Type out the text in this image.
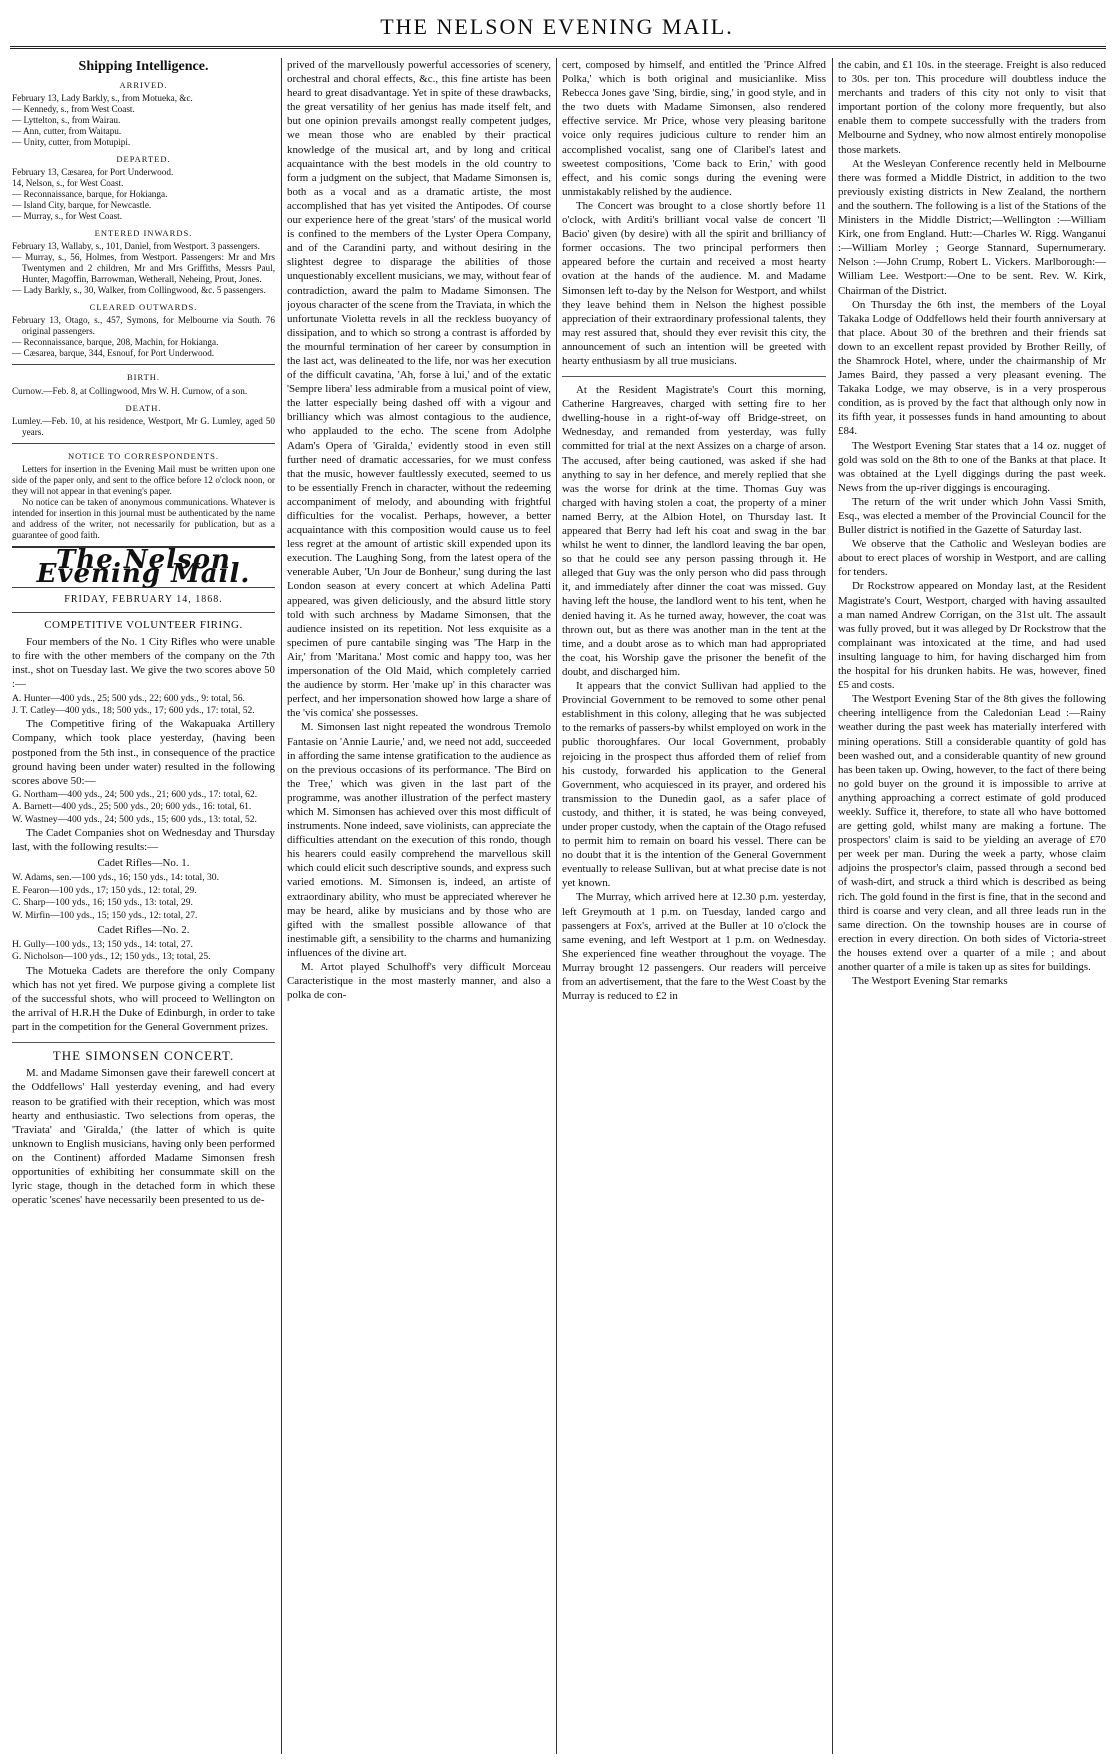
THE NELSON EVENING MAIL.
Shipping Intelligence.
ARRIVED.
February 13, Lady Barkly, s., from Motueka, &c.
— Kennedy, s., from West Coast.
— Lyttelton, s., from Wairau.
— Ann, cutter, from Waitapu.
— Unity, cutter, from Motupipi.
DEPARTED.
February 13, Cæsarea, for Port Underwood.
14, Nelson, s., for West Coast.
— Reconnaissance, barque, for Hokianga.
— Island City, barque, for Newcastle.
— Murray, s., for West Coast.
ENTERED INWARDS.
February 13, Wallaby, s., 101, Daniel, from Westport. 3 passengers.
— Murray, s., 56, Holmes, from Westport. Passengers: Mr and Mrs Twentymen and 2 children, Mr and Mrs Griffiths, Messrs Paul, Hunter, Magoffin, Barrowman, Wetherall, Neheing, Prout, Jones.
— Lady Barkly, s., 30, Walker, from Collingwood, &c. 5 passengers.
CLEARED OUTWARDS.
February 13, Otago, s., 457, Symons, for Melbourne via South. 76 original passengers.
— Reconnaissance, barque, 208, Machin, for Hokianga.
— Cæsarea, barque, 344, Esnouf, for Port Underwood.
BIRTH.
Curnow.—Feb. 8, at Collingwood, Mrs W. H. Curnow, of a son.
DEATH.
Lumley.—Feb. 10, at his residence, Westport, Mr G. Lumley, aged 50 years.
NOTICE TO CORRESPONDENTS.
Letters for insertion in the Evening Mail must be written upon one side of the paper only, and sent to the office before 12 o'clock noon, or they will not appear in that evening's paper.
No notice can be taken of anonymous communications. Whatever is intended for insertion in this journal must be authenticated by the name and address of the writer, not necessarily for publication, but as a guarantee of good faith.
The Nelson Evening Mail.
FRIDAY, FEBRUARY 14, 1868.
COMPETITIVE VOLUNTEER FIRING.

Four members of the No. 1 City Rifles who were unable to fire with the other members of the company on the 7th inst., shot on Tuesday last. We give the two scores above 50 :—

A. Hunter—400 yds., 25; 500 yds., 22; 600 yds., 9: total, 56.
J. T. Catley—400 yds., 18; 500 yds., 17; 600 yds., 17: total, 52.

The Competitive firing of the Wakapuaka Artillery Company, which took place yesterday, (having been postponed from the 5th inst., in consequence of the practice ground having been under water) resulted in the following scores above 50:—

G. Northam—400 yds., 24; 500 yds., 21; 600 yds., 17: total, 62.
A. Barnett—400 yds., 25; 500 yds., 20; 600 yds., 16: total, 61.
W. Wastney—400 yds., 24; 500 yds., 15; 600 yds., 13: total, 52.

The Cadet Companies shot on Wednesday and Thursday last, with the following results:—

Cadet Rifles—No. 1.
W. Adams, sen.—100 yds., 16; 150 yds., 14: total, 30.
E. Fearon—100 yds., 17; 150 yds., 12: total, 29.
C. Sharp—100 yds., 16; 150 yds., 13: total, 29.
W. Mirfin—100 yds., 15; 150 yds., 12: total, 27.
Cadet Rifles—No. 2.
H. Gully—100 yds., 13; 150 yds., 14: total, 27.
G. Nicholson—100 yds., 12; 150 yds., 13; total, 25.

The Motueka Cadets are therefore the only Company which has not yet fired. We purpose giving a complete list of the successful shots, who will proceed to Wellington on the arrival of H.R.H the Duke of Edinburgh, in order to take part in the competition for the General Government prizes.

THE SIMONSEN CONCERT.

M. and Madame Simonsen gave their farewell concert at the Oddfellows' Hall yesterday evening, and had every reason to be gratified with their reception, which was most hearty and enthusiastic. Two selections from operas, the 'Traviata' and 'Giralda,' (the latter of which is quite unknown to English musicians, having only been performed on the Continent) afforded Madame Simonsen fresh opportunities of exhibiting her consummate skill on the lyric stage, though in the detached form in which these operatic 'scenes' have necessarily been presented to us de-

prived of the marvellously powerful accessories of scenery, orchestral and choral effects, &c., this fine artiste has been heard to great disadvantage. Yet in spite of these drawbacks, the great versatility of her genius has made itself felt, and but one opinion prevails amongst really competent judges, we mean those who are enabled by their practical knowledge of the musical art, and by long and critical acquaintance with the best models in the old country to form a judgment on the subject, that Madame Simonsen is, both as a vocal and as a dramatic artiste, the most accomplished that has yet visited the Antipodes. Of course our experience here of the great 'stars' of the musical world is confined to the members of the Lyster Opera Company, and of the Carandini party, and without desiring in the slightest degree to disparage the abilities of those unquestionably excellent musicians, we may, without fear of contradiction, award the palm to Madame Simonsen. The joyous character of the scene from the Traviata, in which the unfortunate Violetta revels in all the reckless buoyancy of dissipation, and to which so strong a contrast is afforded by the mournful termination of her career by consumption in the last act, was delineated to the life, nor was her execution of the difficult cavatina, 'Ah, forse à lui,' and of the extatic 'Sempre libera' less admirable from a musical point of view, the latter especially being dashed off with a vigour and brilliancy which was almost contagious to the audience, who applauded to the echo. The scene from Adolphe Adam's Opera of 'Giralda,' evidently stood in even still further need of dramatic accessaries, for we must confess that the music, however faultlessly executed, seemed to us to be essentially French in character, without the redeeming accompaniment of melody, and abounding with frightful difficulties for the vocalist. Perhaps, however, a better acquaintance with this composition would cause us to feel less regret at the amount of artistic skill expended upon its execution. The Laughing Song, from the latest opera of the venerable Auber, 'Un Jour de Bonheur,' sung during the last London season at every concert at which Adelina Patti appeared, was given deliciously, and the absurd little story told with such archness by Madame Simonsen, that the audience insisted on its repetition. Not less exquisite as a specimen of pure cantabile singing was 'The Harp in the Air,' from 'Maritana.' Most comic and happy too, was her impersonation of the Old Maid, which completely carried the audience by storm. Her 'make up' in this character was perfect, and her impersonation showed how large a share of the 'vis comica' she possesses.

M. Simonsen last night repeated the wondrous Tremolo Fantasie on 'Annie Laurie,' and, we need not add, succeeded in affording the same intense gratification to the audience as on the previous occasions of its performance. 'The Bird on the Tree,' which was given in the last part of the programme, was another illustration of the perfect mastery which M. Simonsen has achieved over this most difficult of instruments. None indeed, save violinists, can appreciate the difficulties attendant on the execution of this rondo, though his hearers could easily comprehend the marvellous skill which could elicit such descriptive sounds, and express such varied emotions. M. Simonsen is, indeed, an artiste of extraordinary ability, who must be appreciated wherever he may be heard, alike by musicians and by those who are gifted with the smallest possible allowance of that inestimable gift, a sensibility to the charms and humanizing influences of the divine art.

M. Artot played Schulhoff's very difficult Morceau Caracteristique in the most masterly manner, and also a polka de con-

cert, composed by himself, and entitled the 'Prince Alfred Polka,' which is both original and musicianlike. Miss Rebecca Jones gave 'Sing, birdie, sing,' in good style, and in the two duets with Madame Simonsen, also rendered effective service. Mr Price, whose very pleasing baritone voice only requires judicious culture to render him an accomplished vocalist, sang one of Claribel's latest and sweetest compositions, 'Come back to Erin,' with good effect, and his comic songs during the evening were unmistakably relished by the audience.

The Concert was brought to a close shortly before 11 o'clock, with Arditi's brilliant vocal valse de concert 'Il Bacio' given (by desire) with all the spirit and brilliancy of former occasions. The two principal performers then appeared before the curtain and received a most hearty ovation at the hands of the audience. M. and Madame Simonsen left to-day by the Nelson for Westport, and whilst they leave behind them in Nelson the highest possible appreciation of their extraordinary professional talents, they may rest assured that, should they ever revisit this city, the announcement of such an intention will be greeted with hearty enthusiasm by all true musicians.

At the Resident Magistrate's Court this morning, Catherine Hargreaves, charged with setting fire to her dwelling-house in a right-of-way off Bridge-street, on Wednesday, and remanded from yesterday, was fully committed for trial at the next Assizes on a charge of arson. The accused, after being cautioned, was asked if she had anything to say in her defence, and merely replied that she was the worse for drink at the time. Thomas Guy was charged with having stolen a coat, the property of a miner named Berry, at the Albion Hotel, on Thursday last. It appeared that Berry had left his coat and swag in the bar whilst he went to dinner, the landlord leaving the bar open, so that he could see any person passing through it. He alleged that Guy was the only person who did pass through it, and immediately after dinner the coat was missed. Guy having left the house, the landlord went to his tent, when he denied having it. As he turned away, however, the coat was thrown out, but as there was another man in the tent at the time, and a doubt arose as to which man had appropriated the coat, his Worship gave the prisoner the benefit of the doubt, and discharged him.

It appears that the convict Sullivan had applied to the Provincial Government to be removed to some other penal establishment in this colony, alleging that he was subjected to the remarks of passers-by whilst employed on work in the public thoroughfares. Our local Government, probably rejoicing in the prospect thus afforded them of relief from his custody, forwarded his application to the General Government, who acquiesced in its prayer, and ordered his transmission to the Dunedin gaol, as a safer place of custody, and thither, it is stated, he was being conveyed, under proper custody, when the captain of the Otago refused to permit him to remain on board his vessel. There can be no doubt that it is the intention of the General Government eventually to release Sullivan, but at what precise date is not yet known.

The Murray, which arrived here at 12.30 p.m. yesterday, left Greymouth at 1 p.m. on Tuesday, landed cargo and passengers at Fox's, arrived at the Buller at 10 o'clock the same evening, and left Westport at 1 p.m. on Wednesday. She experienced fine weather throughout the voyage. The Murray brought 12 passengers. Our readers will perceive from an advertisement, that the fare to the West Coast by the Murray is reduced to £2 in

the cabin, and £1 10s. in the steerage. Freight is also reduced to 30s. per ton. This procedure will doubtless induce the merchants and traders of this city not only to visit that important portion of the colony more frequently, but also enable them to compete successfully with the traders from Melbourne and Sydney, who now almost entirely monopolise those markets.

At the Wesleyan Conference recently held in Melbourne there was formed a Middle District, in addition to the two previously existing districts in New Zealand, the northern and the southern. The following is a list of the Stations of the Ministers in the Middle District;—Wellington :—William Kirk, one from England. Hutt:—Charles W. Rigg. Wanganui :—William Morley ; George Stannard, Supernumerary. Nelson :—John Crump, Robert L. Vickers. Marlborough:—William Lee. Westport:—One to be sent. Rev. W. Kirk, Chairman of the District.

On Thursday the 6th inst, the members of the Loyal Takaka Lodge of Oddfellows held their fourth anniversary at that place. About 30 of the brethren and their friends sat down to an excellent repast provided by Brother Reilly, of the Shamrock Hotel, where, under the chairmanship of Mr James Baird, they passed a very pleasant evening. The Takaka Lodge, we may observe, is in a very prosperous condition, as is proved by the fact that although only now in its fifth year, it possesses funds in hand amounting to about £84.

The Westport Evening Star states that a 14 oz. nugget of gold was sold on the 8th to one of the Banks at that place. It was obtained at the Lyell diggings during the past week. News from the up-river diggings is encouraging.

The return of the writ under which John Vassi Smith, Esq., was elected a member of the Provincial Council for the Buller district is notified in the Gazette of Saturday last.

We observe that the Catholic and Wesleyan bodies are about to erect places of worship in Westport, and are calling for tenders.

Dr Rockstrow appeared on Monday last, at the Resident Magistrate's Court, Westport, charged with having assaulted a man named Andrew Corrigan, on the 31st ult. The assault was fully proved, but it was alleged by Dr Rockstrow that the complainant was intoxicated at the time, and had used insulting language to him, for having discharged him from the hospital for his drunken habits. He was, however, fined £5 and costs.

The Westport Evening Star of the 8th gives the following cheering intelligence from the Caledonian Lead :—Rainy weather during the past week has materially interfered with mining operations. Still a considerable quantity of gold has been washed out, and a considerable quantity of new ground has been taken up. Owing, however, to the fact of there being no gold buyer on the ground it is impossible to arrive at anything approaching a correct estimate of gold produced weekly. Suffice it, therefore, to state all who have bottomed are getting gold, whilst many are making a fortune. The prospectors' claim is said to be yielding an average of £70 per week per man. During the week a party, whose claim adjoins the prospector's claim, passed through a second bed of wash-dirt, and struck a third which is described as being rich. The gold found in the first is fine, that in the second and third is coarse and very clean, and all three leads run in the same direction. On the township houses are in course of erection in every direction. On both sides of Victoria-street the houses extend over a quarter of a mile ; and about another quarter of a mile is taken up as sites for buildings.

The Westport Evening Star remarks
